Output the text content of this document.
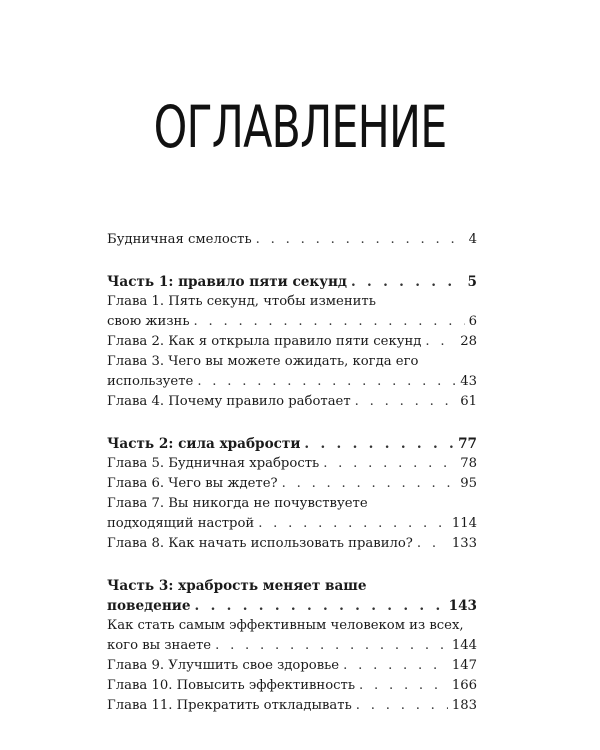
ОГЛАВЛЕНИЕ
Будничная смелость . . .	4
Часть 1: правило пяти секунд . . .	5
Глава 1. Пять секунд, чтобы изменить
свою жизнь . . .	6
Глава 2. Как я открыла правило пяти секунд . . .	28
Глава 3. Чего вы можете ожидать, когда его
используете . . .	43
Глава 4. Почему правило работает . . .	61
Часть 2: сила храбрости . . .	77
Глава 5. Будничная храбрость . . .	78
Глава 6. Чего вы ждете? . . .	95
Глава 7. Вы никогда не почувствуете
подходящий настрой . . .	114
Глава 8. Как начать использовать правило? . . .	133
Часть 3: храбрость меняет ваше
поведение . . .	143
Как стать самым эффективным человеком из всех,
кого вы знаете . . .	144
Глава 9. Улучшить свое здоровье . . .	147
Глава 10. Повысить эффективность . . .	166
Глава 11. Прекратить откладывать . . .	183
